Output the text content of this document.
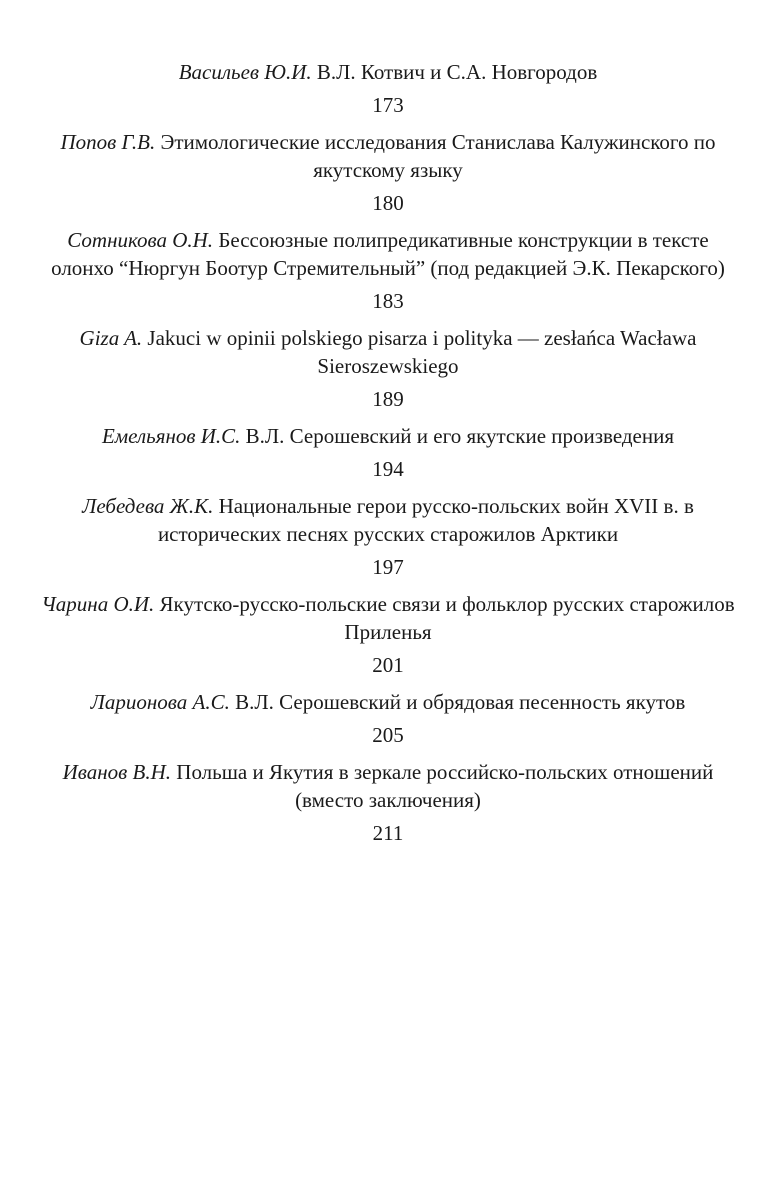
Васильев Ю.И. В.Л. Котвич и С.А. Новгородов
173
Попов Г.В. Этимологические исследования Станислава Калужинского по якутскому языку
180
Сотникова О.Н. Бессоюзные полипредикативные конструкции в тексте олонхо “Нюргун Боотур Стремительный” (под редакцией Э.К. Пекарского)
183
Giza A. Jakuci w opinii polskiego pisarza i polityka — zesłańca Wacława Sieroszewskiego
189
Емельянов И.С. В.Л. Серошевский и его якутские произведения
194
Лебедева Ж.К. Национальные герои русско-польских войн XVII в. в исторических песнях русских старожилов Арктики
197
Чарина О.И. Якутско-русско-польские связи и фольклор русских старожилов Приленья
201
Ларионова А.С. В.Л. Серошевский и обрядовая песенность якутов
205
Иванов В.Н. Польша и Якутия в зеркале российско-польских отношений (вместо заключения)
211
